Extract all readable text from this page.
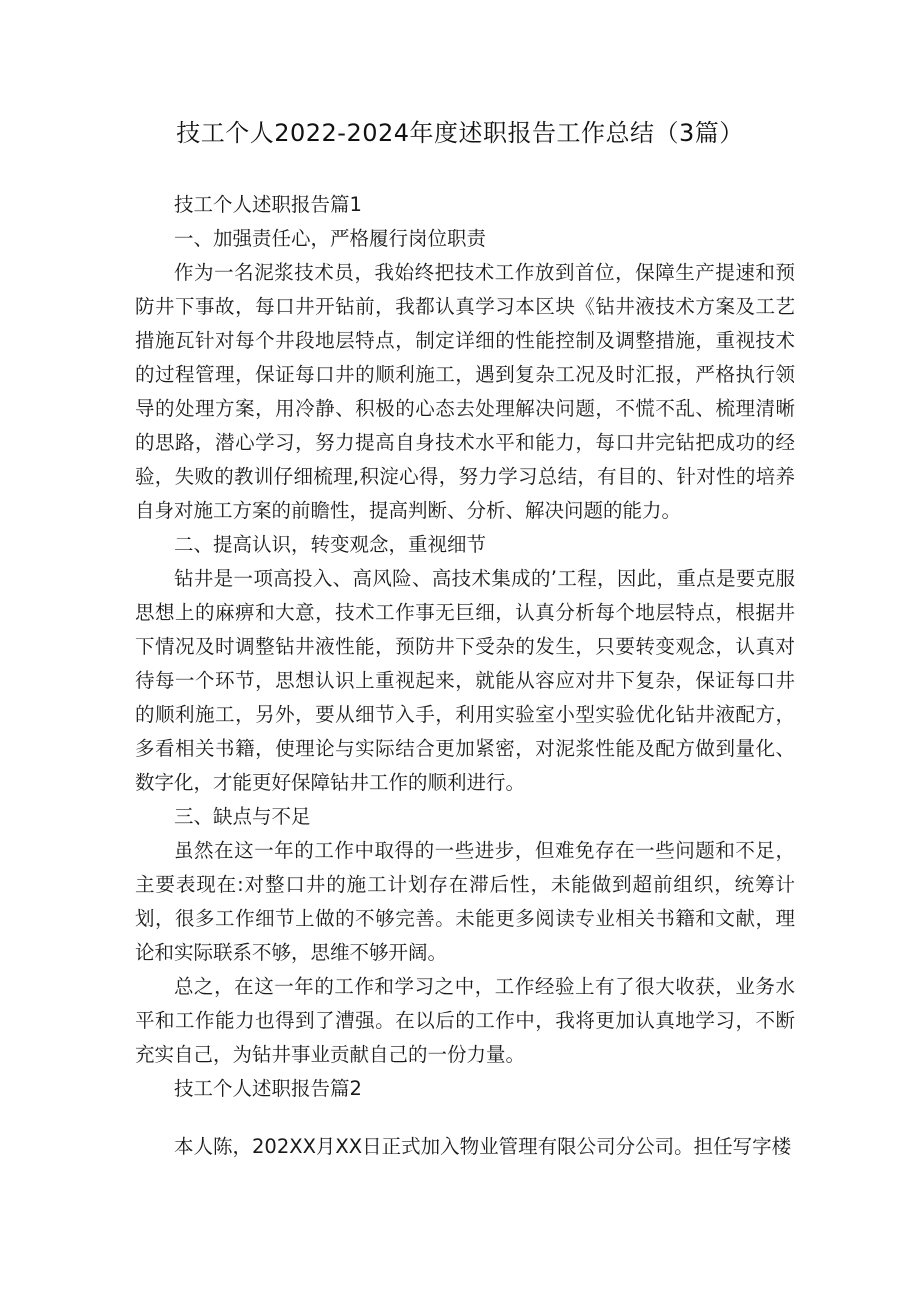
技工个人2022-2024年度述职报告工作总结（3篇）

技工个人述职报告篇1

一、加强责任心，严格履行岗位职责

作为一名泥浆技术员，我始终把技术工作放到首位，保障生产提速和预防井下事故，每口井开钻前，我都认真学习本区块《钻井液技术方案及工艺措施瓦针对每个井段地层特点，制定详细的性能控制及调整措施，重视技术的过程管理，保证每口井的顺利施工，遇到复杂工况及时汇报，严格执行领导的处理方案，用冷静、积极的心态去处理解决问题，不慌不乱、梳理清晰的思路，潜心学习，努力提高自身技术水平和能力，每口井完钻把成功的经验，失败的教训仔细梳理,积淀心得，努力学习总结，有目的、针对性的培养自身对施工方案的前瞻性，提高判断、分析、解决问题的能力。

二、提高认识，转变观念，重视细节

钻井是一项高投入、高风险、高技术集成的’工程，因此，重点是要克服思想上的麻痹和大意，技术工作事无巨细，认真分析每个地层特点，根据井下情况及时调整钻井液性能，预防井下受杂的发生，只要转变观念，认真对待每一个环节，思想认识上重视起来，就能从容应对井下复杂，保证每口井的顺利施工，另外，要从细节入手，利用实验室小型实验优化钻井液配方，多看相关书籍，使理论与实际结合更加紧密，对泥浆性能及配方做到量化、数字化，才能更好保障钻井工作的顺利进行。

三、缺点与不足

虽然在这一年的工作中取得的一些进步，但难免存在一些问题和不足，主要表现在:对整口井的施工计划存在滞后性，未能做到超前组织，统筹计划，很多工作细节上做的不够完善。未能更多阅读专业相关书籍和文献，理论和实际联系不够，思维不够开阔。

总之，在这一年的工作和学习之中，工作经验上有了很大收获，业务水平和工作能力也得到了漕强。在以后的工作中，我将更加认真地学习，不断充实自己，为钻井事业贡献自己的一份力量。

技工个人述职报告篇2

本人陈，202XX月XX日正式加入物业管理有限公司分公司。担任写字楼
